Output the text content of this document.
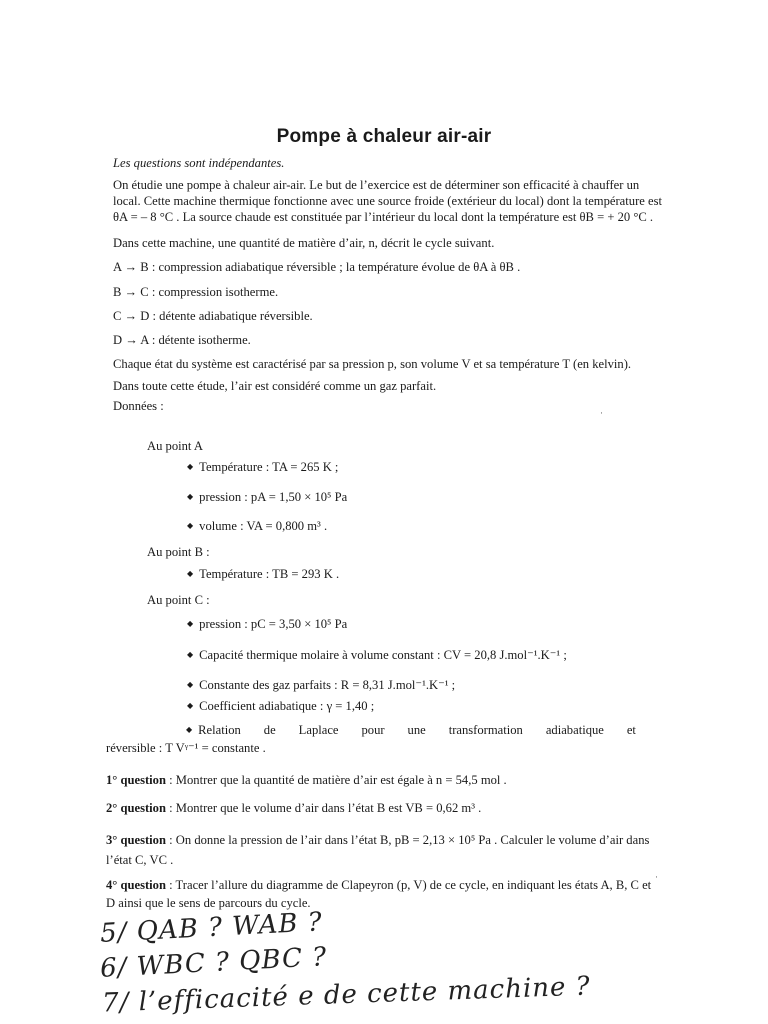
Pompe à chaleur air-air
Les questions sont indépendantes.
On étudie une pompe à chaleur air-air. Le but de l’exercice est de déterminer son efficacité à chauffer un
local. Cette machine thermique fonctionne avec une source froide (extérieur du local) dont la température est
θA = – 8 °C . La source chaude est constituée par l’intérieur du local dont la température est θB = + 20 °C .
Dans cette machine, une quantité de matière d’air, n, décrit le cycle suivant.
A → B : compression adiabatique réversible ; la température évolue de θA à θB .
B → C : compression isotherme.
C → D : détente adiabatique réversible.
D → A : détente isotherme.
Chaque état du système est caractérisé par sa pression p, son volume V et sa température T (en kelvin).
Dans toute cette étude, l’air est considéré comme un gaz parfait.
Données :
Au point A
◆ Température : TA = 265 K ;
◆ pression : pA = 1,50 × 10⁵ Pa
◆ volume : VA = 0,800 m³ .
Au point B :
◆ Température : TB = 293 K .
Au point C :
◆ pression : pC = 3,50 × 10⁵ Pa
◆ Capacité thermique molaire à volume constant : CV = 20,8 J.mol⁻¹.K⁻¹ ;
◆ Constante des gaz parfaits : R = 8,31 J.mol⁻¹.K⁻¹ ;
◆ Coefficient adiabatique : γ = 1,40 ;
◆ Relation de Laplace pour une transformation adiabatique et
réversible : T Vᵞ⁻¹ = constante .
1° question : Montrer que la quantité de matière d’air est égale à n = 54,5 mol .
2° question : Montrer que le volume d’air dans l’état B est VB = 0,62 m³ .
3° question : On donne la pression de l’air dans l’état B, pB = 2,13 × 10⁵ Pa . Calculer le volume d’air dans
l’état C, VC .
4° question : Tracer l’allure du diagramme de Clapeyron (p, V) de ce cycle, en indiquant les états A, B, C et
D ainsi que le sens de parcours du cycle.
5/ QAB ? WAB ?
6/ WBC ? QBC ?
7/ l’efficacité e de cette machine ?
·
·
